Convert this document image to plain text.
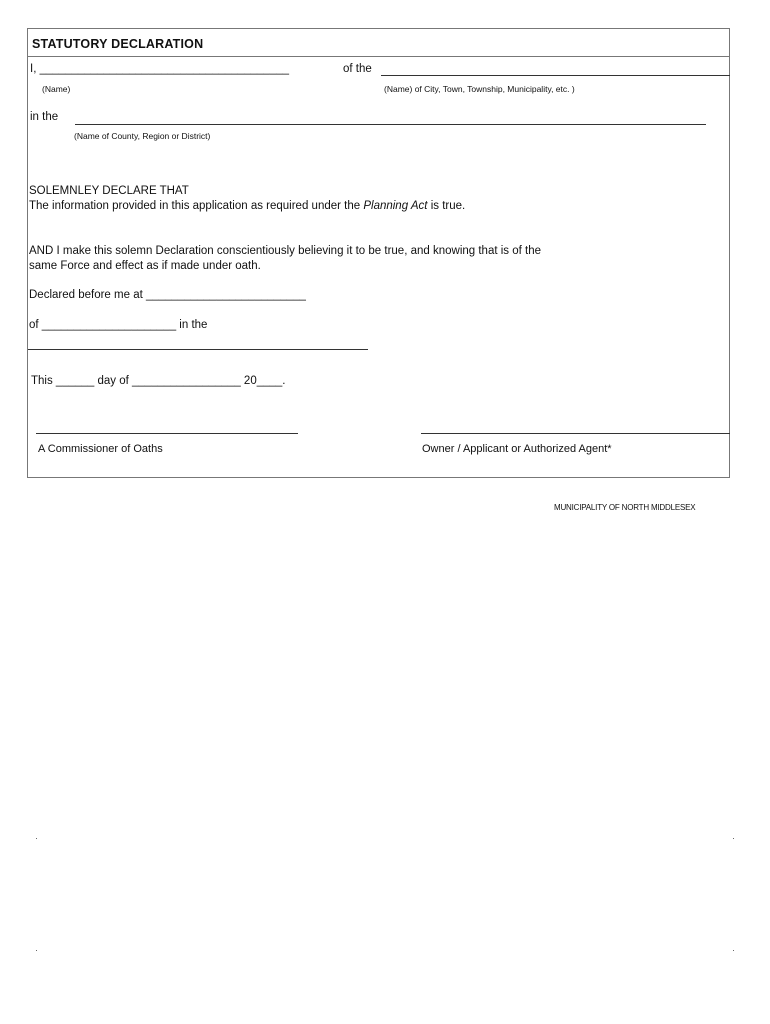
STATUTORY DECLARATION
I, _______________________________________	of the
(Name)	(Name) of City, Town, Township, Municipality, etc. )
in the
(Name of County, Region or District)
SOLEMNLEY DECLARE THAT
The information provided in this application as required under the Planning Act is true.
AND I make this solemn Declaration conscientiously believing it to be true, and knowing that is of the
same Force and effect as if made under oath.
Declared before me at _________________________
of _____________________ in the
This ______ day of _________________ 20____.
A Commissioner of Oaths	Owner / Applicant or Authorized Agent*
MUNICIPALITY OF NORTH MIDDLESEX
